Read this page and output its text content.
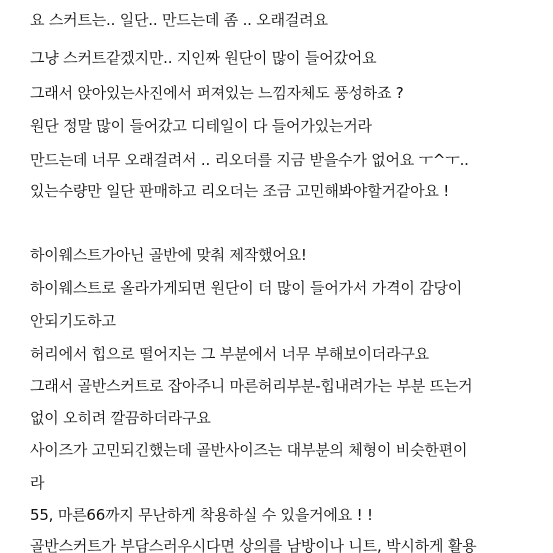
요 스커트는.. 일단.. 만드는데 좀 .. 오래걸려요
그냥 스커트같겠지만.. 지인짜 원단이 많이 들어갔어요
그래서 앉아있는사진에서 퍼져있는 느낌자체도 풍성하죠 ?
원단 정말 많이 들어갔고 디테일이 다 들어가있는거라
만드는데 너무 오래걸려서 .. 리오더를 지금 받을수가 없어요 ㅜ^ㅜ..
있는수량만 일단 판매하고 리오더는 조금 고민해봐야할거같아요 !
하이웨스트가아닌 골반에 맞춰 제작했어요!
하이웨스트로 올라가게되면 원단이 더 많이 들어가서 가격이 감당이
안되기도하고
허리에서 힙으로 떨어지는 그 부분에서 너무 부해보이더라구요
그래서 골반스커트로 잡아주니 마른허리부분-힙내려가는 부분 뜨는거
없이 오히려 깔끔하더라구요
사이즈가 고민되긴했는데 골반사이즈는 대부분의 체형이 비슷한편이
라
55, 마른66까지 무난하게 착용하실 수 있을거에요 ! !
골반스커트가 부담스러우시다면 상의를 남방이나 니트, 박시하게 활용
